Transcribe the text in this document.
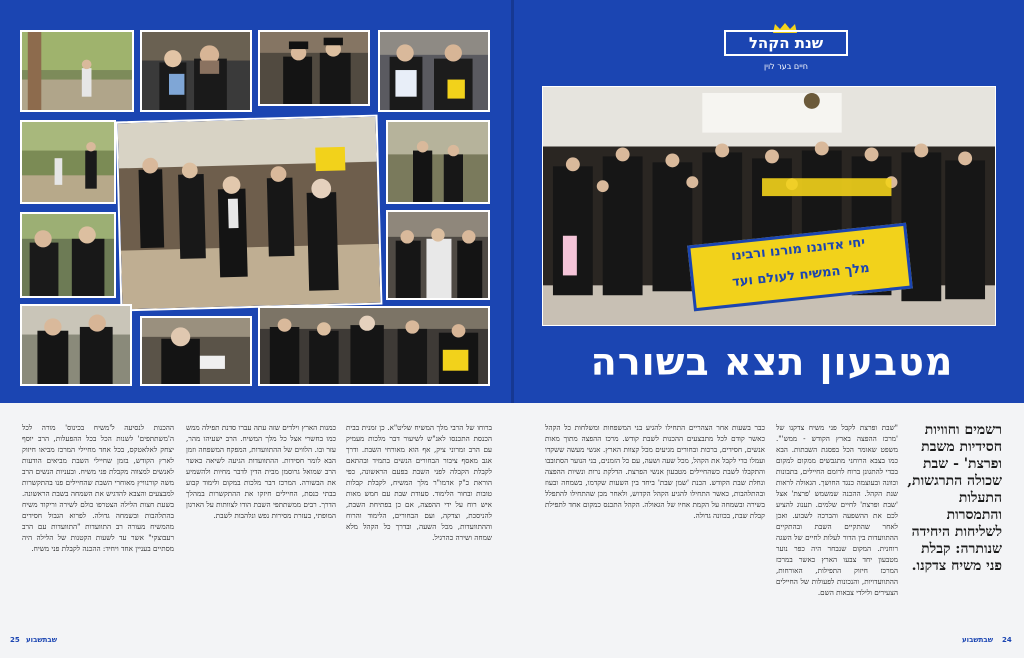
שנת הקהל
חיים בער לוין
יחי אדוננו מורנו ורבינו
מלך המשיח לעולם ועד
מטבעון תצא בשורה
רשמים וחוויות חסידיות משבת ופרצת' - שבת שכולה התרגשות, התעלות והתמסרות לשליחות היחידה שנותרה: קבלת פני משיח צדקנו.
"שבת ופרצת לקבל פני משיח צדקנו של 'מרכז ההפצה בארץ הקודש - ממש'". משפט שאומר הכל בפסגת השבתות. הבא כמו בצבא הרוחני מתגבשים ממקום למקום בכדי להתגונן ברוח לרומם החיילים, בתבונות וכוונה ובעוצמה כנגד החושך. הגאולה לראות שנת הקהל. ההכנה שמשמש 'פרצת' אצל 'שבת ופרצת' לחיים שלמים. תענוג להציע לכם את ההשפעה והברכה לשבוע. ואכן לאחר שהתקיים השבת ובהתקיים ההתוועדות בין הדור לעלות לחיים של השגה רוחנית. המקום שנבחר היה כפר נוער מטבעון יחד צבעו הארץ כאשר במרכז המרכז חיזוק התפילות, האורחות, ההתוועדויות, והנכונות לפעולות של החיילים הצעירים ולילדי צבאות השם.
כבר בשעות אחר הצהריים התחילו להגיע בני המשפחות ומשלחות כל הקהל כאשר קודם לכל מתבצעים ההכנות לשבת קודש. מרכז ההפצה מתוך מאות אנשים, חסידים, ברכות ובחורים מגיעים מכל קצוות הארץ. אנשי מעשה ששקדו ועמלו כדי לקבל את הקהל, מכל שעה ושעה, עם כל הזמנים, בני הנוער הסתובבו והתקבלו לשבת כשהחיילים מטבעון אנשי הפרצת. הדלקת נרות ונשיות ההפצה ונחלת שבת הקודש. הכנת 'שמן שבת' ביחד בין השעות שקדמו, בשמחה ובעוז ובהתלהבות, כאשר התחילו להגיע הקהל הקדוש, ולאחר מכן שהתחילו להתפלל בשירה ובשמחה על הקמת אחיו של הגאולה. הקהל התכנס כמקום אחד לתפילת קבלת שבת, בכוונה גדולה.
ברוחו של הרבי מלך המשיח שליט"א. כן זמנית בבית הכנסת התכנסו לאנ"ש לשיעור דבר מלכות מעמיק עם הרב זמרוני ציק, אף הוא מאורחי השבת. ודרך אגב מאסף ציבור הבחורים הנשים בתמיד ובהתאם לקבלת הקבלה לפני השבת בפעם הראשונה, כפי הוראת כ"ק אדמו"ר מלך המשיח, לקבלת קבלות טובות ובחור הלימוד. סעודת שבת עם חמש מאות איש רוח על ידי ההפצה, אם כן בפתיחת השבת, להניסכת, וצדקה, ועם הבחורים, הלימוד והרוח וההתוועדות, מכל השעה, ובדרך כל הקהל מלא שמחה ושירה כהרגיל.
כמנות הארץ וילדים שזה עתה עברו סדנת תפילה ממש כמו בחשרי אצל כל מלך המשיח. הרב ישעיהו מהר, עזר ובו. הלווים של ההתוועדות, המפקח המשפחה וזמן הבא לומר חסידות. ההתוועדות הגיעה לשיאה כאשר הרב שמואל גרוסמן מבית הדין לדבר מחיות ולהשמיע את הבשורה. המרכז דבר מלכות במקום ולימוד קבוע בבתי כנסת, החיילים חיזקו את ההתקשרות במהלך הדרך. רבים ממשתתפי השבת הודו לצוותות על הארגון המופתי, בעזרת מסירות נפש ונלהבות לשבת.
ההכנות לנסיעה ל'משיח בכינוס' מורה לכל ה'משתתפים' לשנות הכל בכל ההפעלות, הרב יוסף יצחק לאלאטקס, בכל אחד מחיילי המרכז מביאו חיזוק לארץ הקודש, בזמן שחיילי השבת מביאים הודעות לאנשים למצווה מקבלת פני משיח. ובעניות הנשים הרב משה קורנוויץ מאוחרי השבת שהחיילים פנו בהתקשרות למבצעים והצבא להדגיש את השמחה בשבת הראשונה. בשעת חצות הלילה הצטרפו כולם לשירה וריקוד משיח בהתלהבות ובשמחה גדולה. לפרוא הגבול חסידים מהמשיח מעורה רב התוועדות "התוועדות עם הרב רעבוצקי" אשר עד לשעות הקטנות של הלילה היה מסתיים בעניין אחד ויחיד: ההכנה לקבלת פני משיח.
25 שבתשבוע	שבתשבוע 24
